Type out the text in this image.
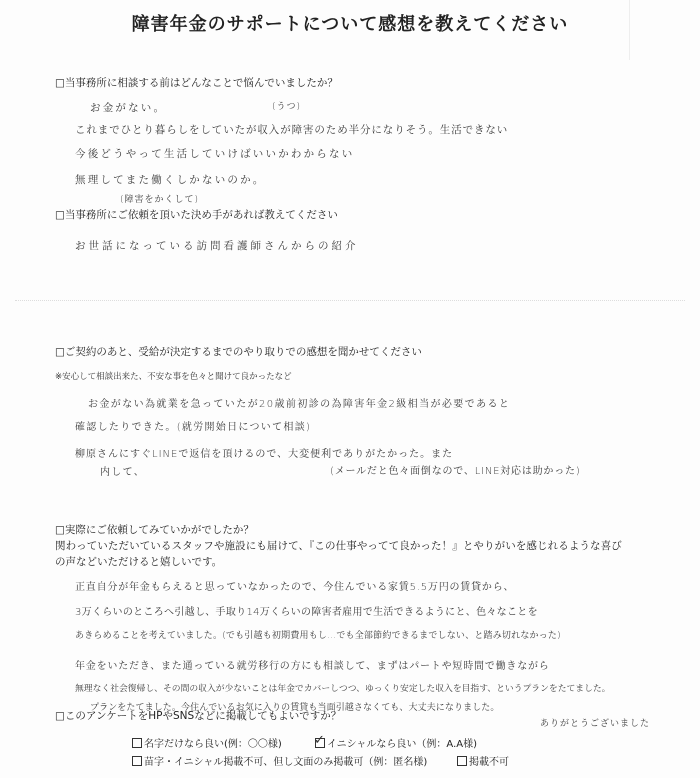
障害年金のサポートについて感想を教えてください
□当事務所に相談する前はどんなことで悩んでいましたか？
お金がない。	(うつ)
これまでひとり暮らしをしていたが収入が障害のため半分になりそう。生活できない
今後どうやって生活していけばいいかわからない
無理してまた働くしかないのか。
(障害をかくして)
□当事務所にご依頼を頂いた決め手があれば教えてください
お世話になっている訪問看護師さんからの紹介
□ご契約のあと、受給が決定するまでのやり取りでの感想を聞かせてください
※安心して相談出来た、不安な事を色々と聞けて良かったなど
お金がない為就業を急っていたが20歳前初診の為障害年金2級相当が必要であると
確認したりできた。(就労開始日について相談)
柳原さんにすぐLINEで返信を頂けるので、大変便利でありがたかった。また
(メールだと色々面倒なので、LINE対応は助かった)
内して、
□実際にご依頼してみていかがでしたか？
関わっていただいているスタッフや施設にも届けて、『この仕事やってて良かった！』とやりがいを感じれるような喜び
の声などいただけると嬉しいです。
正直自分が年金もらえると思っていなかったので、今住んでいる家賃5.5万円の賃貸から、
3万くらいのところへ引越し、手取り14万くらいの障害者雇用で生活できるようにと、色々なことを
あきらめることを考えていました。(でも引越も初期費用もし…でも全部節約できるまでしない、と踏み切れなかった)
年金をいただき、また通っている就労移行の方にも相談して、まずはパートや短時間で働きながら
無理なく社会復帰し、その間の収入が少ないことは年金でカバーしつつ、ゆっくり安定した収入を目指す、というプランをたてました。
プランをたてました。今住んでいるお気に入りの賃貸も当面引越さなくても、大丈夫になりました。
ありがとうございました
□このアンケートをHPやSNSなどに掲載してもよいですか？
名字だけなら良い(例：〇〇様) ✓ イニシャルなら良い（例：A.A様)
苗字・イニシャル掲載不可、但し文面のみ掲載可（例：匿名様)	掲載不可
